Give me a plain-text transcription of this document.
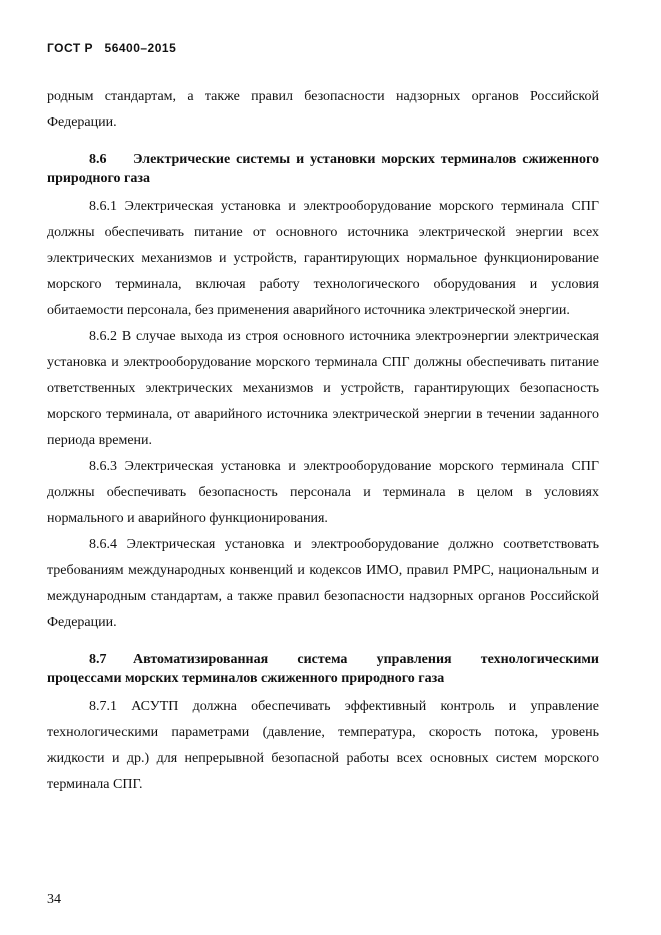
ГОСТ Р   56400–2015

родным стандартам, а также правил безопасности надзорных органов Российской Федерации.

8.6 Электрические системы и установки морских терминалов сжиженного природного газа

8.6.1 Электрическая установка и электрооборудование морского терминала СПГ должны обеспечивать питание от основного источника электрической энергии всех электрических механизмов и устройств, гарантирующих нормальное функционирование морского терминала, включая работу технологического оборудования и условия обитаемости персонала, без применения аварийного источника электрической энергии.

8.6.2 В случае выхода из строя основного источника электроэнергии электрическая установка и электрооборудование морского терминала СПГ должны обеспечивать питание ответственных электрических механизмов и устройств, гарантирующих безопасность морского терминала, от аварийного источника электрической энергии в течении заданного периода времени.

8.6.3 Электрическая установка и электрооборудование морского терминала СПГ должны обеспечивать безопасность персонала и терминала в целом в условиях нормального и аварийного функционирования.

8.6.4 Электрическая установка и электрооборудование должно соответствовать требованиям международных конвенций и кодексов ИМО, правил РМРС, национальным и международным стандартам, а также правил безопасности надзорных органов Российской Федерации.

8.7 Автоматизированная система управления технологическими процессами морских терминалов сжиженного природного газа

8.7.1 АСУТП должна обеспечивать эффективный контроль и управление технологическими параметрами (давление, температура, скорость потока, уровень жидкости и др.) для непрерывной безопасной работы всех основных систем морского терминала СПГ.

34
